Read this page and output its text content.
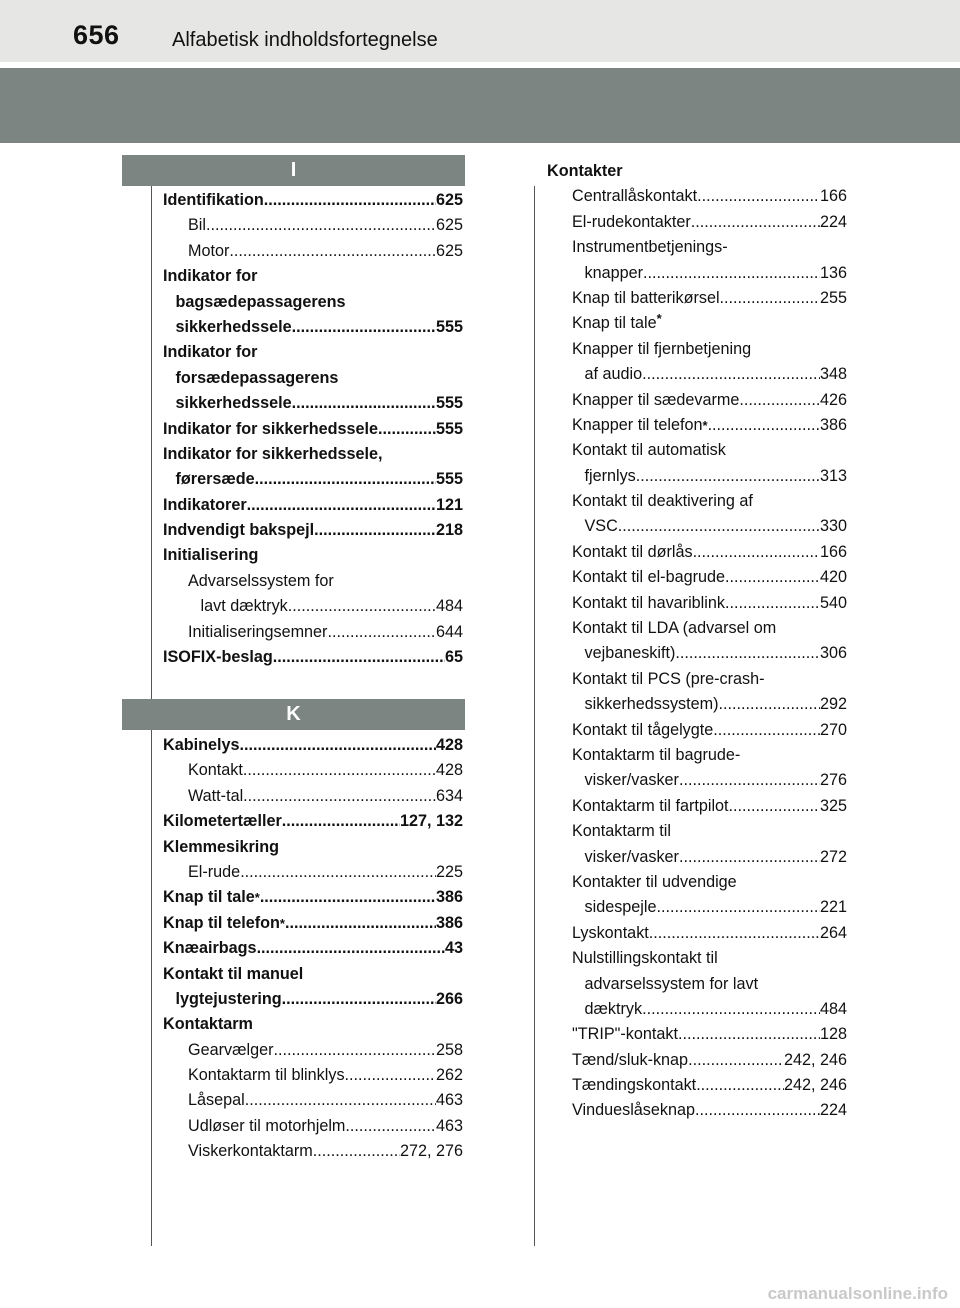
656	Alfabetisk indholdsfortegnelse
I
Identifikation .....	625
Bil .....	625
Motor .....	625
Indikator for
bagsædepassagerens
sikkerhedssele .....	555
Indikator for
forsædepassagerens
sikkerhedssele .....	555
Indikator for sikkerhedssele .....	555
Indikator for sikkerhedssele,
førersæde .....	555
Indikatorer .....	121
Indvendigt bakspejl .....	218
Initialisering
Advarselssystem for
lavt dæktryk .....	484
Initialiseringsemner .....	644
ISOFIX-beslag .....	65
K
Kabinelys .....	428
Kontakt .....	428
Watt-tal .....	634
Kilometertæller .....	127, 132
Klemmesikring
El-rude .....	225
Knap til tale * .....	386
Knap til telefon * .....	386
Knæairbags .....	43
Kontakt til manuel
lygtejustering .....	266
Kontaktarm
Gearvælger .....	258
Kontaktarm til blinklys .....	262
Låsepal .....	463
Udløser til motorhjelm .....	463
Viskerkontaktarm .....	272, 276
Kontakter
Centrallåskontakt .....	166
El-rudekontakter .....	224
Instrumentbetjenings-
knapper .....	136
Knap til batterikørsel .....	255
Knap til tale*
Knapper til fjernbetjening
af audio .....	348
Knapper til sædevarme .....	426
Knapper til telefon * .....	386
Kontakt til automatisk
fjernlys .....	313
Kontakt til deaktivering af
VSC .....	330
Kontakt til dørlås .....	166
Kontakt til el-bagrude .....	420
Kontakt til havariblink .....	540
Kontakt til LDA (advarsel om
vejbaneskift) .....	306
Kontakt til PCS (pre-crash-
sikkerhedssystem) .....	292
Kontakt til tågelygte .....	270
Kontaktarm til bagrude-
visker/vasker .....	276
Kontaktarm til fartpilot .....	325
Kontaktarm til
visker/vasker .....	272
Kontakter til udvendige
sidespejle .....	221
Lyskontakt .....	264
Nulstillingskontakt til
advarselssystem for lavt
dæktryk .....	484
"TRIP"-kontakt .....	128
Tænd/sluk-knap .....	242, 246
Tændingskontakt .....	242, 246
Vindueslåseknap .....	224
carmanualsonline.info
